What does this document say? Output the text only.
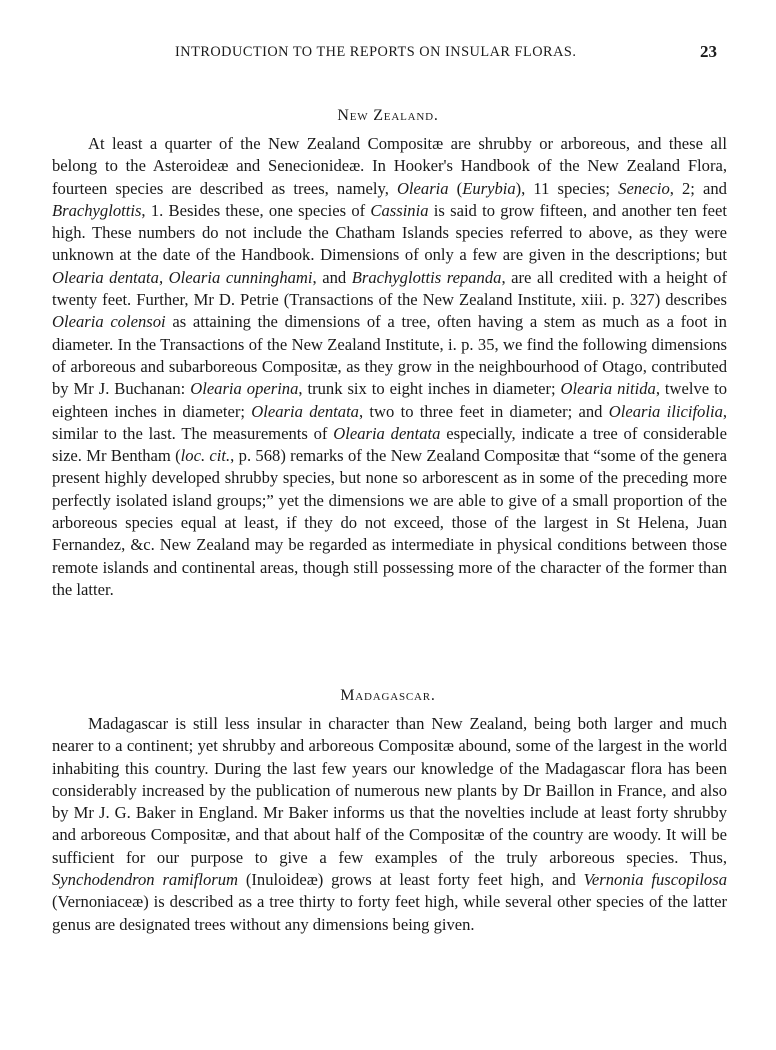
INTRODUCTION TO THE REPORTS ON INSULAR FLORAS.	23
New Zealand.

At least a quarter of the New Zealand Compositæ are shrubby or arboreous, and these all belong to the Asteroideæ and Senecionideæ. In Hooker's Handbook of the New Zealand Flora, fourteen species are described as trees, namely, Olearia (Eurybia), 11 species; Senecio, 2; and Brachyglottis, 1. Besides these, one species of Cassinia is said to grow fifteen, and another ten feet high. These numbers do not include the Chatham Islands species referred to above, as they were unknown at the date of the Handbook. Dimensions of only a few are given in the descriptions; but Olearia dentata, Olearia cunninghami, and Brachyglottis repanda, are all credited with a height of twenty feet. Further, Mr D. Petrie (Transactions of the New Zealand Institute, xiii. p. 327) describes Olearia colensoi as attaining the dimensions of a tree, often having a stem as much as a foot in diameter. In the Transactions of the New Zealand Institute, i. p. 35, we find the following dimensions of arboreous and subarboreous Compositæ, as they grow in the neighbourhood of Otago, contributed by Mr J. Buchanan: Olearia operina, trunk six to eight inches in diameter; Olearia nitida, twelve to eighteen inches in diameter; Olearia dentata, two to three feet in diameter; and Olearia ilicifolia, similar to the last. The measurements of Olearia dentata especially, indicate a tree of considerable size. Mr Bentham (loc. cit., p. 568) remarks of the New Zealand Compositæ that “some of the genera present highly developed shrubby species, but none so arborescent as in some of the preceding more perfectly isolated island groups;” yet the dimensions we are able to give of a small proportion of the arboreous species equal at least, if they do not exceed, those of the largest in St Helena, Juan Fernandez, &c. New Zealand may be regarded as intermediate in physical conditions between those remote islands and continental areas, though still possessing more of the character of the former than the latter.

Madagascar.

Madagascar is still less insular in character than New Zealand, being both larger and much nearer to a continent; yet shrubby and arboreous Compositæ abound, some of the largest in the world inhabiting this country. During the last few years our knowledge of the Madagascar flora has been considerably increased by the publication of numerous new plants by Dr Baillon in France, and also by Mr J. G. Baker in England. Mr Baker informs us that the novelties include at least forty shrubby and arboreous Compositæ, and that about half of the Compositæ of the country are woody. It will be sufficient for our purpose to give a few examples of the truly arboreous species. Thus, Synchodendron ramiflorum (Inuloideæ) grows at least forty feet high, and Vernonia fuscopilosa (Vernoniaceæ) is described as a tree thirty to forty feet high, while several other species of the latter genus are designated trees without any dimensions being given.
